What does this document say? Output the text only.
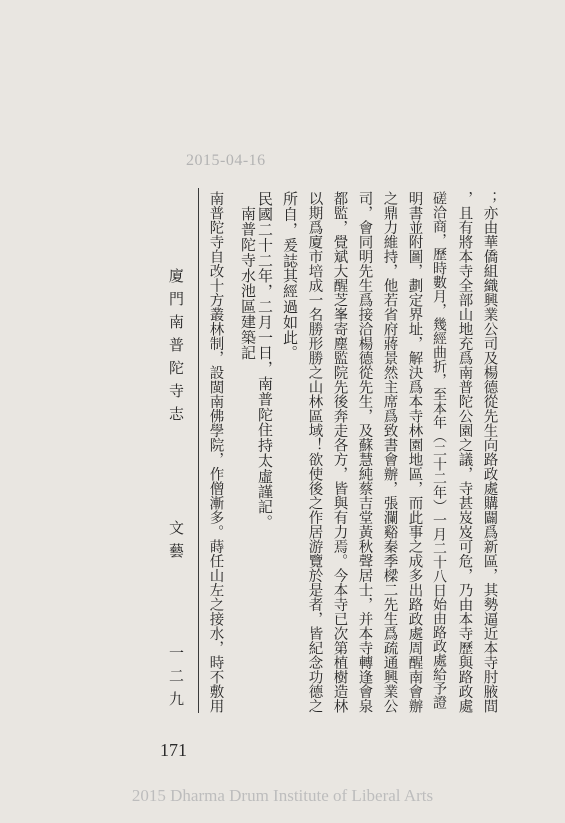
2015-04-16
；亦由華僑組織興業公司及楊德從先生向路政處購闢爲新區，其勢逼近本寺肘腋間
，且有將本寺全部山地充爲南普陀公園之議，寺甚岌岌可危，乃由本寺歷與路政處
磋洽商，歷時數月，幾經曲折，至本年（二十二年）一月二十八日始由路政處給予證
明書並附圖，劃定界址，解決爲本寺林園地區，而此事之成多出路政處周醒南會辦
之鼎力維持，他若省府蔣景然主席爲致書會辦，張瀾谿秦季樑二先生爲疏通興業公
司，會同明先生爲接洽楊德從先生，及蘇慧純蔡吉堂黃秋聲居士，并本寺轉逢會泉
都監，覺斌大醒芝峯寄塵監院先後奔走各方，皆與有力焉。今本寺已次第植樹造林
以期爲廈市培成一名勝形勝之山林區域！欲使後之作居游覽於是者，皆紀念功德之
所自，爰誌其經過如此。
民國二十二年，二月一日，南普陀住持太虛謹記。
南普陀寺水池區建築記
南普陀寺自改十方叢林制，設閩南佛學院，作僧漸多。蒔任山左之接水，時不敷用
廈門南普陀寺志
文藝
一二九
171
2015 Dharma Drum Institute of Liberal Arts
